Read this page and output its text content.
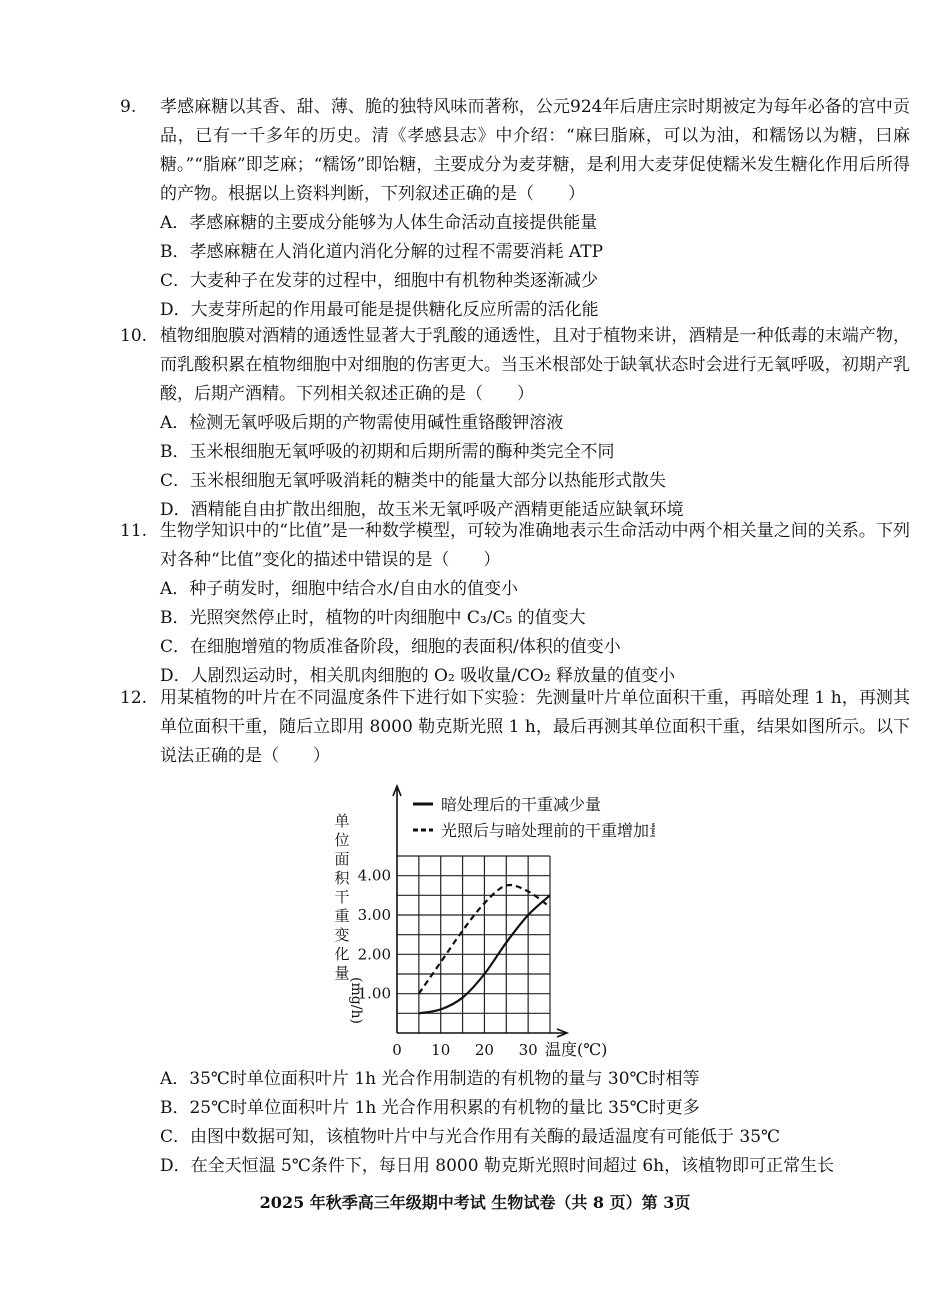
9. 孝感麻糖以其香、甜、薄、脆的独特风味而著称，公元924年后唐庄宗时期被定为每年必备的宫中贡品，已有一千多年的历史。清《孝感县志》中介绍：“麻曰脂麻，可以为油，和糯饧以为糖，曰麻糖。”“脂麻”即芝麻；“糯饧”即饴糖，主要成分为麦芽糖，是利用大麦芽促使糯米发生糖化作用后所得的产物。根据以上资料判断，下列叙述正确的是（　　）
A．孝感麻糖的主要成分能够为人体生命活动直接提供能量
B．孝感麻糖在人消化道内消化分解的过程不需要消耗 ATP
C．大麦种子在发芽的过程中，细胞中有机物种类逐渐减少
D．大麦芽所起的作用最可能是提供糖化反应所需的活化能
10. 植物细胞膜对酒精的通透性显著大于乳酸的通透性，且对于植物来讲，酒精是一种低毒的末端产物，而乳酸积累在植物细胞中对细胞的伤害更大。当玉米根部处于缺氧状态时会进行无氧呼吸，初期产乳酸，后期产酒精。下列相关叙述正确的是（　　）
A．检测无氧呼吸后期的产物需使用碱性重铬酸钾溶液
B．玉米根细胞无氧呼吸的初期和后期所需的酶种类完全不同
C．玉米根细胞无氧呼吸消耗的糖类中的能量大部分以热能形式散失
D．酒精能自由扩散出细胞，故玉米无氧呼吸产酒精更能适应缺氧环境
11. 生物学知识中的“比值”是一种数学模型，可较为准确地表示生命活动中两个相关量之间的关系。下列对各种“比值”变化的描述中错误的是（　　）
A．种子萌发时，细胞中结合水/自由水的值变小
B．光照突然停止时，植物的叶肉细胞中 C₃/C₅ 的值变大
C．在细胞增殖的物质准备阶段，细胞的表面积/体积的值变小
D．人剧烈运动时，相关肌肉细胞的 O₂ 吸收量/CO₂ 释放量的值变小
12. 用某植物的叶片在不同温度条件下进行如下实验：先测量叶片单位面积干重，再暗处理 1 h，再测其单位面积干重，随后立即用 8000 勒克斯光照 1 h，最后再测其单位面积干重，结果如图所示。以下说法正确的是（　　）
单位面积干重变化量
(mg/h)
1.00
2.00
3.00
4.00
0 10 20 30 温度(℃)
暗处理后的干重减少量
光照后与暗处理前的干重增加量
A．35℃时单位面积叶片 1h 光合作用制造的有机物的量与 30℃时相等
B．25℃时单位面积叶片 1h 光合作用积累的有机物的量比 35℃时更多
C．由图中数据可知，该植物叶片中与光合作用有关酶的最适温度有可能低于 35℃
D．在全天恒温 5℃条件下，每日用 8000 勒克斯光照时间超过 6h，该植物即可正常生长
2025 年秋季高三年级期中考试 生物试卷（共 8 页）第 3页
